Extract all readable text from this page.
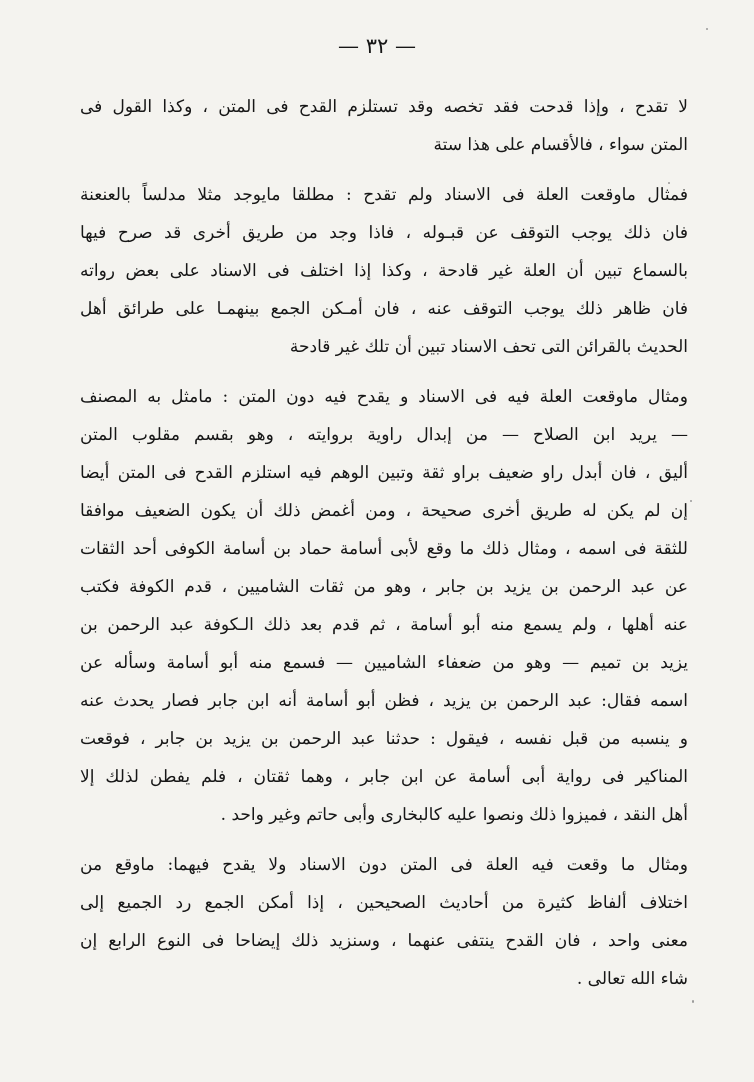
— ٣٢ —
لا تقدح ، وإذا قدحت فقد تخصه وقد تستلزم القدح فى المتن ، وكذا القول فى
المتن سواء ، فالأقسام على هذا ستة
فمثال ماوقعت العلة فى الاسناد ولم تقدح : مطلقا مايوجد مثلا مدلساً بالعنعنة
فان ذلك يوجب التوقف عن قبـوله ، فاذا وجد من طريق أخرى قد صرح فيها
بالسماع تبين أن العلة غير قادحة ، وكذا إذا اختلف فى الاسناد على بعض رواته
فان ظاهر ذلك يوجب التوقف عنه ، فان أمـكن الجمع بينهمـا على طرائق أهل
الحديث بالقرائن التى تحف الاسناد تبين أن تلك غير قادحة
ومثال ماوقعت العلة فيه فى الاسناد و يقدح فيه دون المتن : مامثل به المصنف
— يريد ابن الصلاح — من إبدال راوية بروايته ، وهو بقسم مقلوب المتن
أليق ، فان أبدل راو ضعيف براو ثقة وتبين الوهم فيه استلزم القدح فى المتن أيضا
إن لم يكن له طريق أخرى صحيحة ، ومن أغمض ذلك أن يكون الضعيف موافقا
للثقة فى اسمه ، ومثال ذلك ما وقع لأبى أسامة حماد بن أسامة الكوفى أحد الثقات
عن عبد الرحمن بن يزيد بن جابر ، وهو من ثقات الشاميين ، قدم الكوفة فكتب
عنه أهلها ، ولم يسمع منه أبو أسامة ، ثم قدم بعد ذلك الـكوفة عبد الرحمن بن
يزيد بن تميم — وهو من ضعفاء الشاميين — فسمع منه أبو أسامة وسأله عن
اسمه فقال: عبد الرحمن بن يزيد ، فظن أبو أسامة أنه ابن جابر فصار يحدث عنه
و ينسبه من قبل نفسه ، فيقول : حدثنا عبد الرحمن بن يزيد بن جابر ، فوقعت
المناكير فى رواية أبى أسامة عن ابن جابر ، وهما ثقتان ، فلم يفطن لذلك إلا
أهل النقد ، فميزوا ذلك ونصوا عليه كالبخارى وأبى حاتم وغير واحد .
ومثال ما وقعت فيه العلة فى المتن دون الاسناد ولا يقدح فيهما: ماوقع من
اختلاف ألفاظ كثيرة من أحاديث الصحيحين ، إذا أمكن الجمع رد الجميع إلى
معنى واحد ، فان القدح ينتفى عنهما ، وسنزيد ذلك إيضاحا فى النوع الرابع إن
شاء الله تعالى .
